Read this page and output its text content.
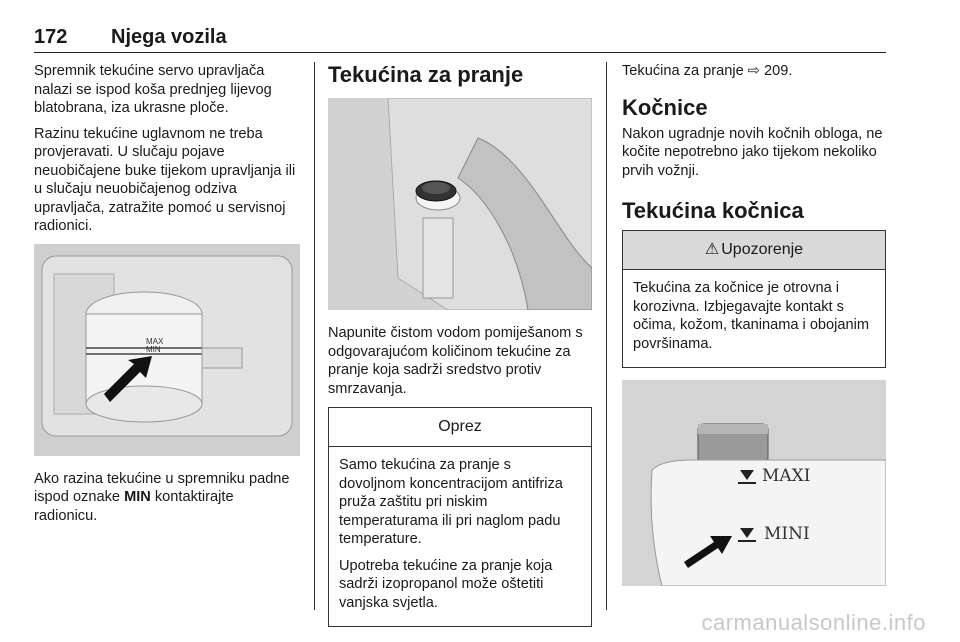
172 Njega vozila

Spremnik tekućine servo upravljača nalazi se ispod koša prednjeg lijevog blatobrana, iza ukrasne ploče.

Razinu tekućine uglavnom ne treba provjeravati. U slučaju pojave neuobičajene buke tijekom upravljanja ili u slučaju neuobičajenog odziva upravljača, zatražite pomoć u servisnoj radionici.

MAX
MIN

Ako razina tekućine u spremniku padne ispod oznake MIN kontaktirajte radionicu.

Tekućina za pranje

Napunite čistom vodom pomiješanom s odgovarajućom količinom tekućine za pranje koja sadrži sredstvo protiv smrzavanja.

Oprez

Samo tekućina za pranje s dovoljnom koncentracijom antifriza pruža zaštitu pri niskim temperaturama ili pri naglom padu temperature.

Upotreba tekućine za pranje koja sadrži izopropanol može oštetiti vanjska svjetla.

Tekućina za pranje ⇨ 209.

Kočnice

Nakon ugradnje novih kočnih obloga, ne kočite nepotrebno jako tijekom nekoliko prvih vožnji.

Tekućina kočnica
⚠ Upozorenje

Tekućina za kočnice je otrovna i korozivna. Izbjegavajte kontakt s očima, kožom, tkaninama i obojanim površinama.

MAXI
MINI
carmanualsonline.info
